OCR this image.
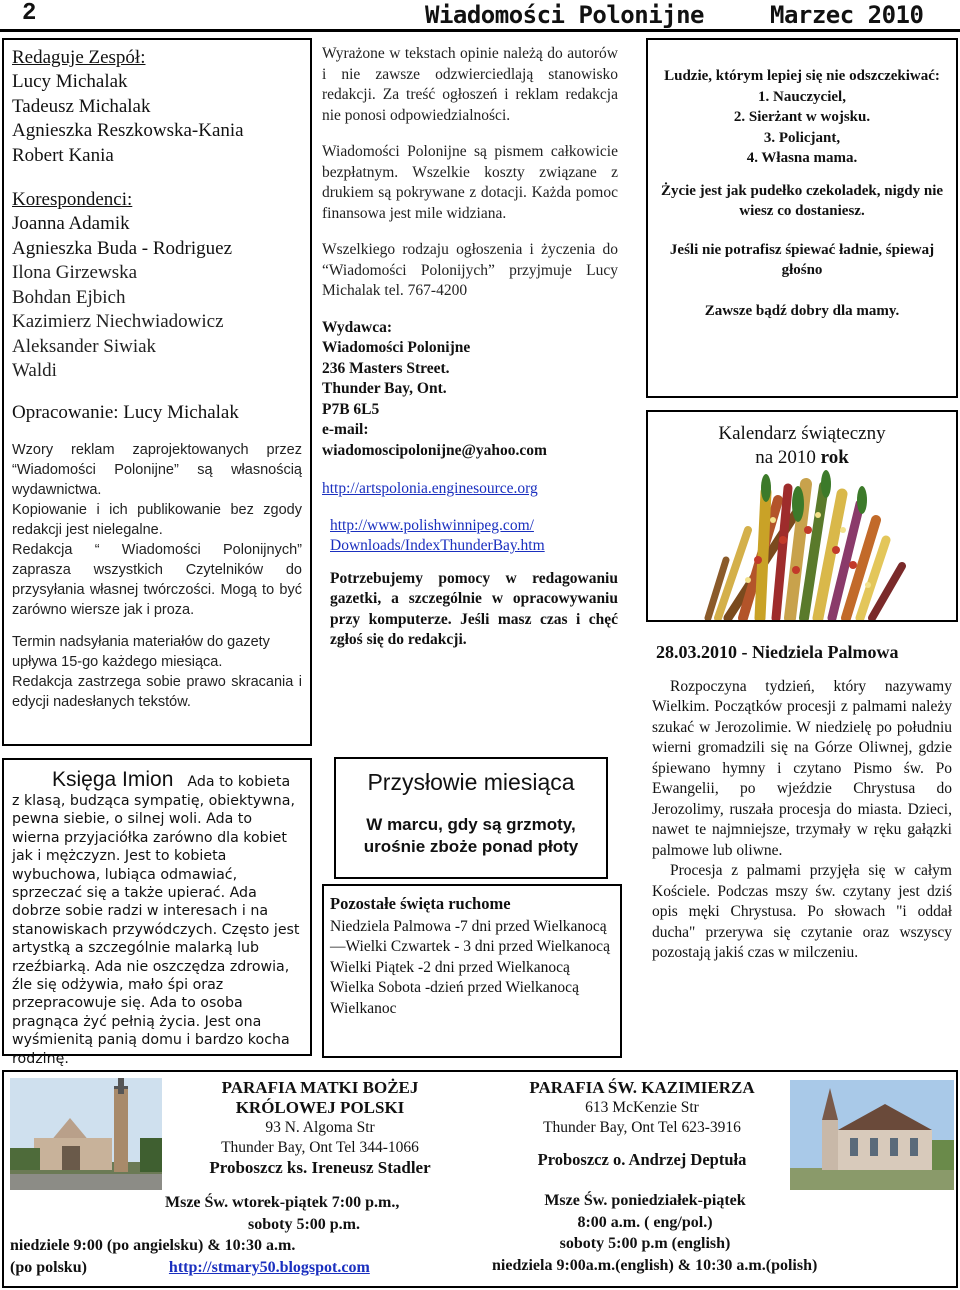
2	Wiadomości Polonijne	Marzec 2010

Redaguje Zespół:

Lucy Michalak

Tadeusz Michalak

Agnieszka Reszkowska-Kania

Robert Kania

Korespondenci:

Joanna Adamik

Agnieszka Buda - Rodriguez

Ilona Girzewska

Bohdan Ejbich

Kazimierz Niechwiadowicz

Aleksander Siwiak

Waldi

Opracowanie: Lucy Michalak

Wzory reklam zaprojektowanych przez “Wiadomości Polonijne” są własnością wydawnictwa.

Kopiowanie i ich publikowanie bez zgody redakcji jest nielegalne.

Redakcja “ Wiadomości Polonijnych” zaprasza wszystkich Czytelników do przysyłania własnej twórczości. Mogą to być zarówno wiersze jak i proza.

Termin nadsyłania materiałów do gazety upływa 15-go każdego miesiąca.

Redakcja zastrzega sobie prawo skracania i edycji nadesłanych tekstów.

Wyrażone w tekstach opinie należą do autorów i nie zawsze odzwierciedlają stanowisko redakcji. Za treść ogłoszeń i reklam redakcja nie ponosi odpowiedzialności.

Wiadomości Polonijne są pismem całkowicie bezpłatnym. Wszelkie koszty związane z drukiem są pokrywane z dotacji. Każda pomoc finansowa jest mile widziana.

Wszelkiego rodzaju ogłoszenia i życzenia do “Wiadomości Polonijych” przyjmuje Lucy Michalak tel. 767-4200

Wydawca:

Wiadomości Polonijne

236 Masters Street.

Thunder Bay, Ont.

P7B 6L5

e-mail:

wiadomoscipolonijne@yahoo.com

http://artspolonia.enginesource.org

http://www.polishwinnipeg.com/
Downloads/IndexThunderBay.htm

Potrzebujemy pomocy w redagowaniu gazetki, a szczególnie w opracowywaniu przy komputerze. Jeśli masz czas i chęć zgłoś się do redakcji.

Ludzie, którym lepiej się nie odszczekiwać:
1. Nauczyciel,
2. Sierżant w wojsku.
3. Policjant,
4. Własna mama.

Życie jest jak pudełko czekoladek, nigdy nie wiesz co dostaniesz.

Jeśli nie potrafisz śpiewać ładnie, śpiewaj głośno

Zawsze bądź dobry dla mamy.

Kalendarz świąteczny
na 2010 rok
28.03.2010 - Niedziela Palmowa

Rozpoczyna tydzień, który nazywamy Wielkim. Początków procesji z palmami należy szukać w Jerozolimie. W niedzielę po południu wierni gromadzili się na Górze Oliwnej, gdzie śpiewano hymny i czytano Pismo św. Po Ewangelii, po wjeździe Chrystusa do Jerozolimy, ruszała procesja do miasta. Dzieci, nawet te najmniejsze, trzymały w ręku gałązki palmowe lub oliwne.

Procesja z palmami przyjęła się w całym Kościele. Podczas mszy św. czytany jest dziś opis męki Chrystusa. Po słowach "i oddał ducha" przerywa się czytanie oraz wszyscy pozostają jakiś czas w milczeniu.

Księga Imion Ada to kobieta z klasą, budząca sympatię, obiektywna, pewna siebie, o silnej woli. Ada to wierna przyjaciółka zarówno dla kobiet jak i mężczyzn. Jest to kobieta wybuchowa, lubiąca odmawiać, sprzeczać się a także upierać. Ada dobrze sobie radzi w interesach i na stanowiskach przywódczych. Często jest artystką a szczególnie malarką lub rzeźbiarką. Ada nie oszczędza zdrowia, źle się odżywia, mało śpi oraz przepracowuje się. Ada to osoba pragnąca żyć pełnią życia. Jest ona wyśmienitą panią domu i bardzo kocha rodzinę.
Przysłowie miesiąca
W marcu, gdy są grzmoty,
urośnie zboże ponad płoty
Pozostałe święta ruchome
Niedziela Palmowa -7 dni przed Wielkanocą —Wielki Czwartek - 3 dni przed Wielkanocą
Wielki Piątek -2 dni przed Wielkanocą
Wielka Sobota -dzień przed Wielkanocą
Wielkanoc
PARAFIA MATKI BOŻEJ
KRÓLOWEJ POLSKI
93 N. Algoma Str
Thunder Bay, Ont Tel 344-1066
Proboszcz ks. Ireneusz Stadler
Msze Św. wtorek-piątek 7:00 p.m.,
soboty 5:00 p.m.
niedziele 9:00 (po angielsku) & 10:30 a.m.
(po polsku)	http://stmary50.blogspot.com
PARAFIA ŚW. KAZIMIERZA
613 McKenzie Str
Thunder Bay, Ont Tel 623-3916
Proboszcz o. Andrzej Deptuła
Msze Św. poniedziałek-piątek
8:00 a.m. ( eng/pol.)
soboty 5:00 p.m (english)
niedziela 9:00a.m.(english) & 10:30 a.m.(polish)
